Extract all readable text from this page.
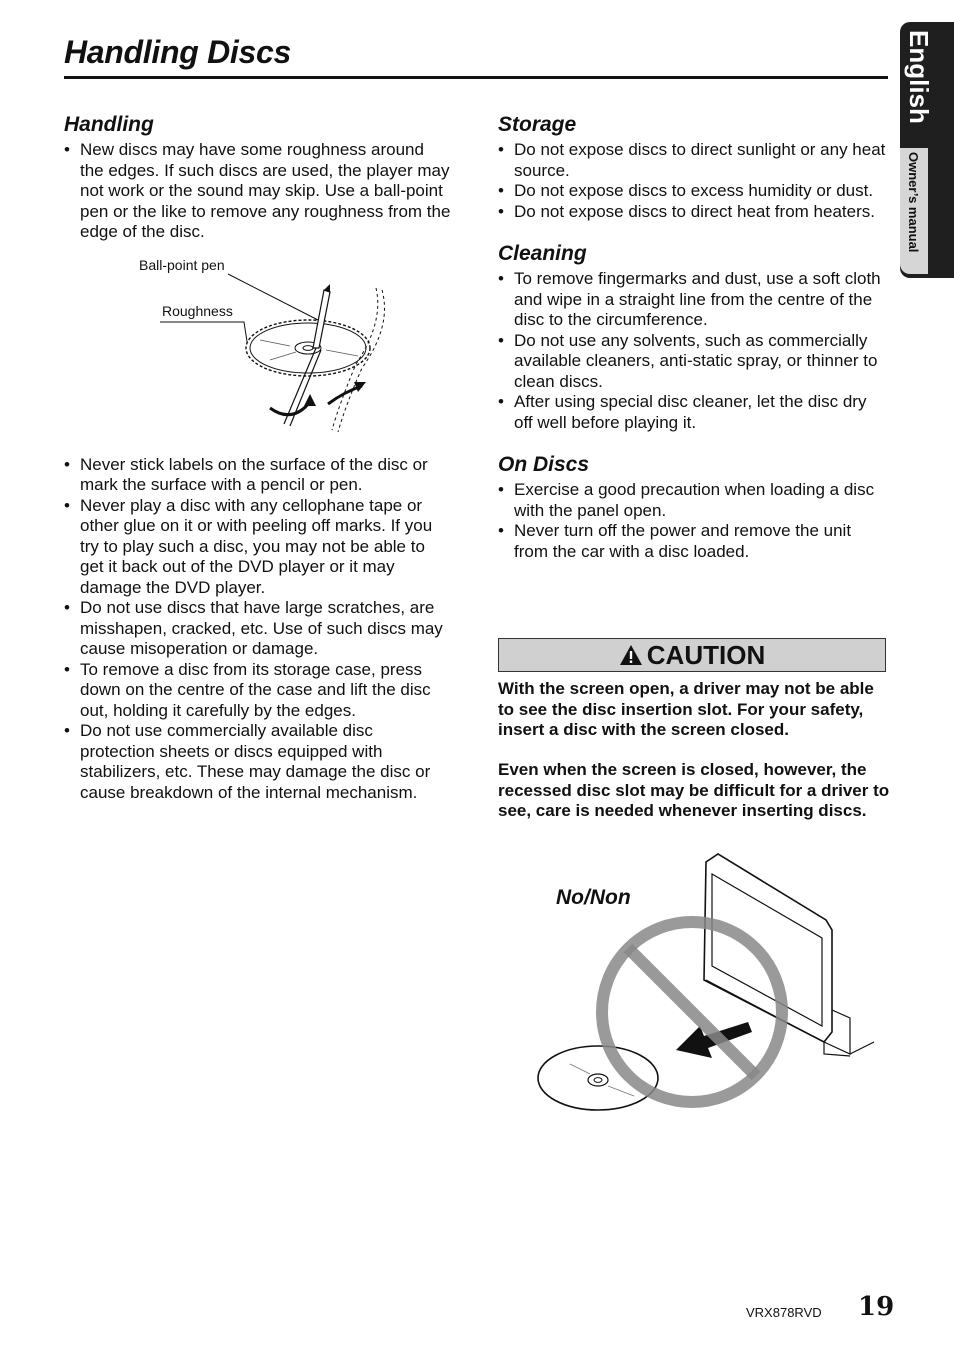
Handling Discs	English
Owner’s manual
Handling
• New discs may have some roughness around the edges. If such discs are used, the player may not work or the sound may skip. Use a ball-point pen or the like to remove any roughness from the edge of the disc.
• Never stick labels on the surface of the disc or mark the surface with a pencil or pen.
• Never play a disc with any cellophane tape or other glue on it or with peeling off marks. If you try to play such a disc, you may not be able to get it back out of the DVD player or it may damage the DVD player.
• Do not use discs that have large scratches, are misshapen, cracked, etc. Use of such discs may cause misoperation or damage.
• To remove a disc from its storage case, press down on the centre of the case and lift the disc out, holding it carefully by the edges.
• Do not use commercially available disc protection sheets or discs equipped with stabilizers, etc. These may damage the disc or cause breakdown of the internal mechanism.
Ball-point pen
Roughness
Storage
• Do not expose discs to direct sunlight or any heat source.
• Do not expose discs to excess humidity or dust.
• Do not expose discs to direct heat from heaters.
Cleaning
• To remove fingermarks and dust, use a soft cloth and wipe in a straight line from the centre of the disc to the circumference.
• Do not use any solvents, such as commercially available cleaners, anti-static spray, or thinner to clean discs.
• After using special disc cleaner, let the disc dry off well before playing it.
On Discs
• Exercise a good precaution when loading a disc with the panel open.
• Never turn off the power and remove the unit from the car with a disc loaded.
CAUTION

With the screen open, a driver may not be able to see the disc insertion slot. For your safety, insert a disc with the screen closed.

Even when the screen is closed, however, the recessed disc slot may be difficult for a driver to see, care is needed whenever inserting discs.

No/Non
VRX878RVD 19
